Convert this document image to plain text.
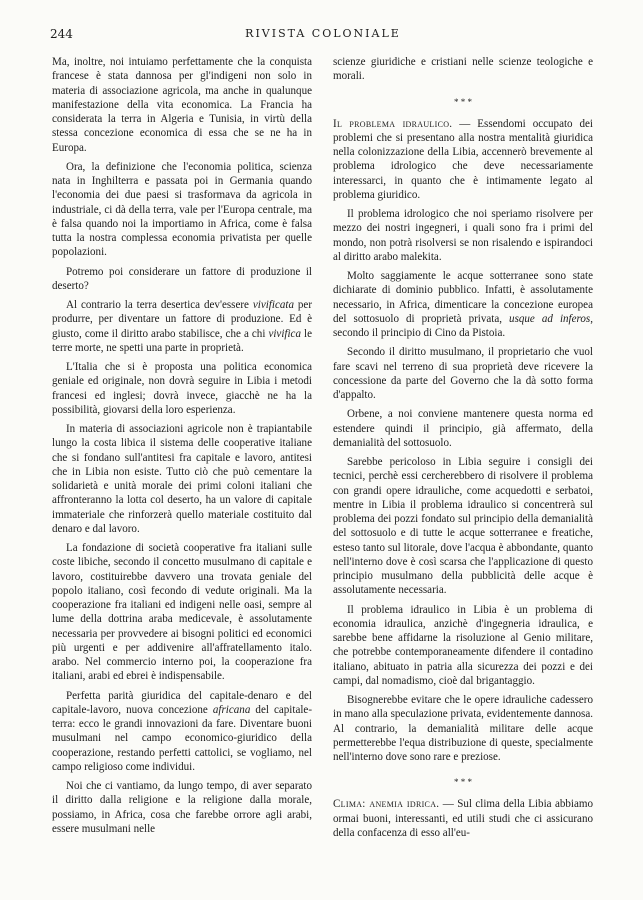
244	RIVISTA COLONIALE

Ma, inoltre, noi intuiamo perfettamente che la conquista francese è stata dannosa per gl'indigeni non solo in materia di associazione agricola, ma anche in qualunque manifestazione della vita economica. La Francia ha considerata la terra in Algeria e Tunisia, in virtù della stessa concezione economica di essa che se ne ha in Europa.

Ora, la definizione che l'economia politica, scienza nata in Inghilterra e passata poi in Germania quando l'economia dei due paesi si trasformava da agricola in industriale, ci dà della terra, vale per l'Europa centrale, ma è falsa quando noi la importiamo in Africa, come è falsa tutta la nostra complessa economia privatista per quelle popolazioni.

Potremo poi considerare un fattore di produzione il deserto?

Al contrario la terra desertica dev'essere vivificata per produrre, per diventare un fattore di produzione. Ed è giusto, come il diritto arabo stabilisce, che a chi vivifica le terre morte, ne spetti una parte in proprietà.

L'Italia che si è proposta una politica economica geniale ed originale, non dovrà seguire in Libia i metodi francesi ed inglesi; dovrà invece, giacchè ne ha la possibilità, giovarsi della loro esperienza.

In materia di associazioni agricole non è trapiantabile lungo la costa libica il sistema delle cooperative italiane che si fondano sull'antitesi fra capitale e lavoro, antitesi che in Libia non esiste. Tutto ciò che può cementare la solidarietà e unità morale dei primi coloni italiani che affronteranno la lotta col deserto, ha un valore di capitale immateriale che rinforzerà quello materiale costituito dal denaro e dal lavoro.

La fondazione di società cooperative fra italiani sulle coste libiche, secondo il concetto musulmano di capitale e lavoro, costituirebbe davvero una trovata geniale del popolo italiano, così fecondo di vedute originali. Ma la cooperazione fra italiani ed indigeni nelle oasi, sempre al lume della dottrina araba medicevale, è assolutamente necessaria per provvedere ai bisogni politici ed economici più urgenti e per addivenire all'affratellamento italo. arabo. Nel commercio interno poi, la cooperazione fra italiani, arabi ed ebrei è indispensabile.

Perfetta parità giuridica del capitale-denaro e del capitale-lavoro, nuova concezione africana del capitale-terra: ecco le grandi innovazioni da fare. Diventare buoni musulmani nel campo economico-giuridico della cooperazione, restando perfetti cattolici, se vogliamo, nel campo religioso come individui.

Noi che ci vantiamo, da lungo tempo, di aver separato il diritto dalla religione e la religione dalla morale, possiamo, in Africa, cosa che farebbe orrore agli arabi, essere musulmani nelle

scienze giuridiche e cristiani nelle scienze teologiche e morali.

* * *

Il problema idraulico. — Essendomi occupato dei problemi che si presentano alla nostra mentalità giuridica nella colonizzazione della Libia, accennerò brevemente al problema idrologico che deve necessariamente interessarci, in quanto che è intimamente legato al problema giuridico.

Il problema idrologico che noi speriamo risolvere per mezzo dei nostri ingegneri, i quali sono fra i primi del mondo, non potrà risolversi se non risalendo e ispirandoci al diritto arabo malekita.

Molto saggiamente le acque sotterranee sono state dichiarate di dominio pubblico. Infatti, è assolutamente necessario, in Africa, dimenticare la concezione europea del sottosuolo di proprietà privata, usque ad inferos, secondo il principio di Cino da Pistoia.

Secondo il diritto musulmano, il proprietario che vuol fare scavi nel terreno di sua proprietà deve ricevere la concessione da parte del Governo che la dà sotto forma d'appalto.

Orbene, a noi conviene mantenere questa norma ed estendere quindi il principio, già affermato, della demanialità del sottosuolo.

Sarebbe pericoloso in Libia seguire i consigli dei tecnici, perchè essi cercherebbero di risolvere il problema con grandi opere idrauliche, come acquedotti e serbatoi, mentre in Libia il problema idraulico si concentrerà sul problema dei pozzi fondato sul principio della demanialità del sottosuolo e di tutte le acque sotterranee e freatiche, esteso tanto sul litorale, dove l'acqua è abbondante, quanto nell'interno dove è così scarsa che l'applicazione di questo principio musulmano della pubblicità delle acque è assolutamente necessaria.

Il problema idraulico in Libia è un problema di economia idraulica, anzichè d'ingegneria idraulica, e sarebbe bene affidarne la risoluzione al Genio militare, che potrebbe contemporaneamente difendere il contadino italiano, abituato in patria alla sicurezza dei pozzi e dei campi, dal nomadismo, cioè dal brigantaggio.

Bisognerebbe evitare che le opere idrauliche cadessero in mano alla speculazione privata, evidentemente dannosa. Al contrario, la demanialità militare delle acque permetterebbe l'equa distribuzione di queste, specialmente nell'interno dove sono rare e preziose.

* * *

Clima: anemia idrica. — Sul clima della Libia abbiamo ormai buoni, interessanti, ed utili studi che ci assicurano della confacenza di esso all'eu-
